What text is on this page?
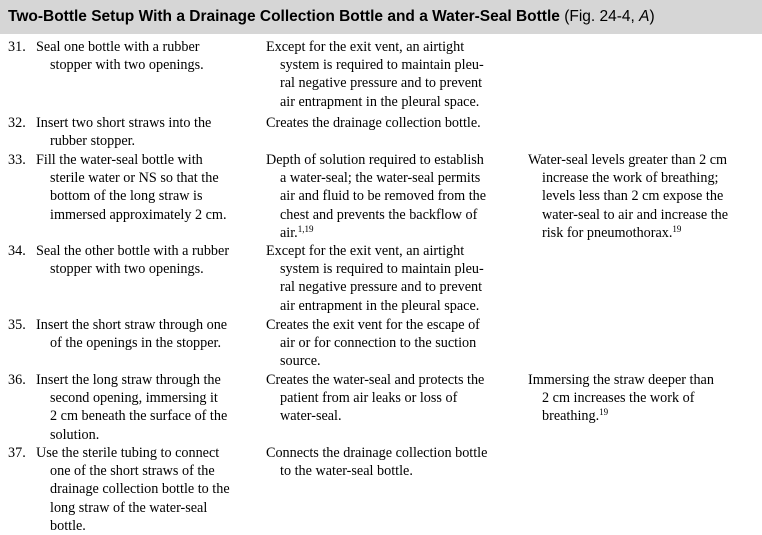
Two-Bottle Setup With a Drainage Collection Bottle and a Water-Seal Bottle (Fig. 24-4, A)
31. Seal one bottle with a rubber
stopper with two openings.
Except for the exit vent, an airtight
system is required to maintain pleu-
ral negative pressure and to prevent
air entrapment in the pleural space.
32. Insert two short straws into the
rubber stopper.
Creates the drainage collection bottle.
33. Fill the water-seal bottle with
sterile water or NS so that the
bottom of the long straw is
immersed approximately 2 cm.
Depth of solution required to establish
a water-seal; the water-seal permits
air and fluid to be removed from the
chest and prevents the backflow of
air.$^{1,19}$
Water-seal levels greater than 2 cm
increase the work of breathing;
levels less than 2 cm expose the
water-seal to air and increase the
risk for pneumothorax.$^{19}$
34. Seal the other bottle with a rubber
stopper with two openings.
Except for the exit vent, an airtight
system is required to maintain pleu-
ral negative pressure and to prevent
air entrapment in the pleural space.
35. Insert the short straw through one
of the openings in the stopper.
Creates the exit vent for the escape of
air or for connection to the suction
source.
36. Insert the long straw through the
second opening, immersing it
2 cm beneath the surface of the
solution.
Creates the water-seal and protects the
patient from air leaks or loss of
water-seal.
Immersing the straw deeper than
2 cm increases the work of
breathing.$^{19}$
37. Use the sterile tubing to connect
one of the short straws of the
drainage collection bottle to the
long straw of the water-seal
bottle.
Connects the drainage collection bottle
to the water-seal bottle.
